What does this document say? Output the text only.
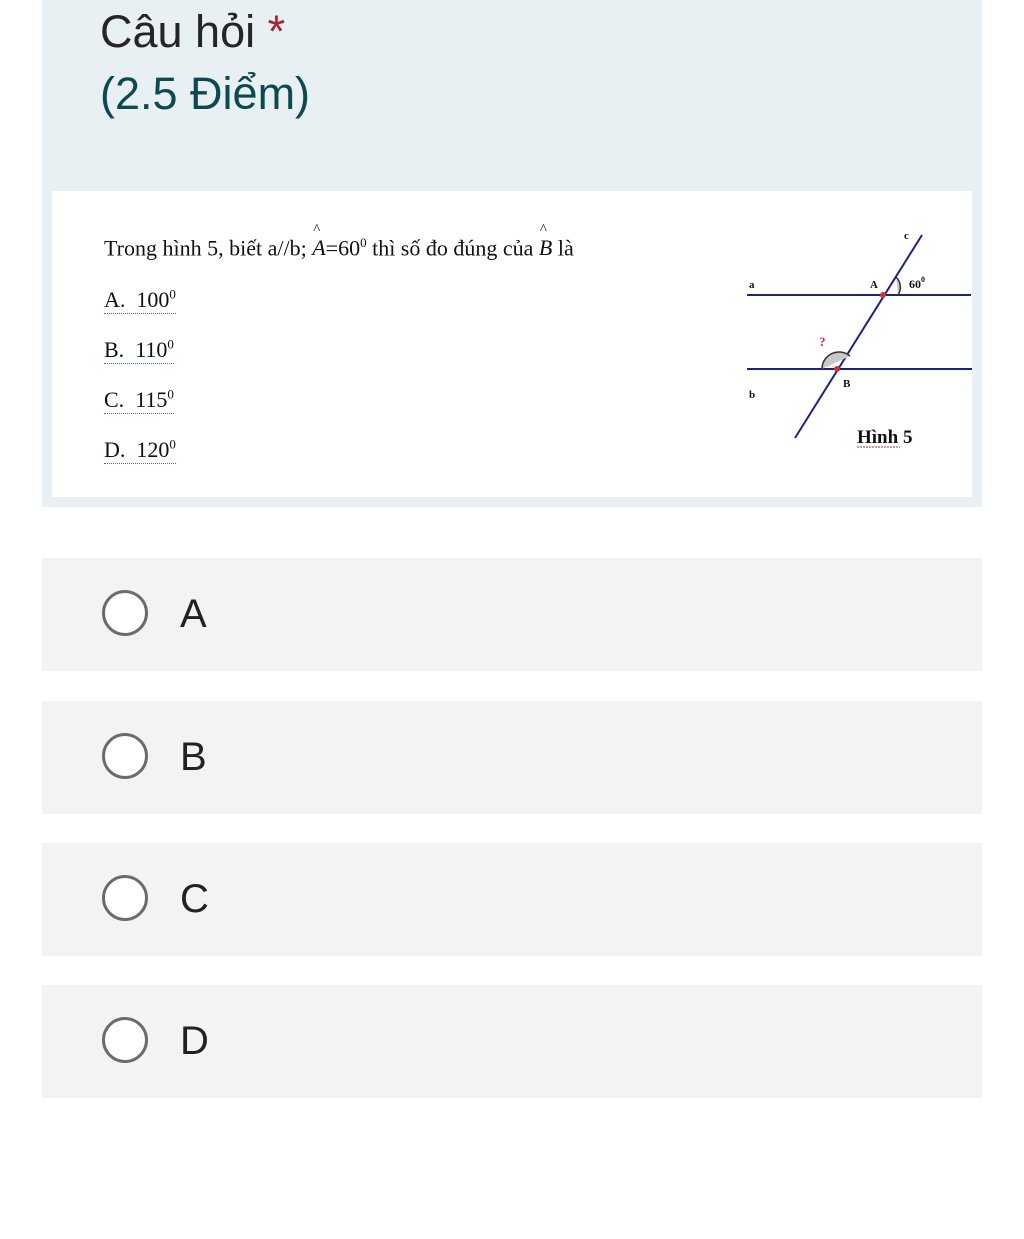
Câu hỏi *
(2.5 Điểm)
Trong hình 5, biết a//b; ^ $A=60^0$ thì số đo đúng của ^ B là
A. $100^0$
B. $110^0$
C. $115^0$
D. $120^0$
a
b
c
A
B
$60^0$
?
Hình 5
A
B
C
D
